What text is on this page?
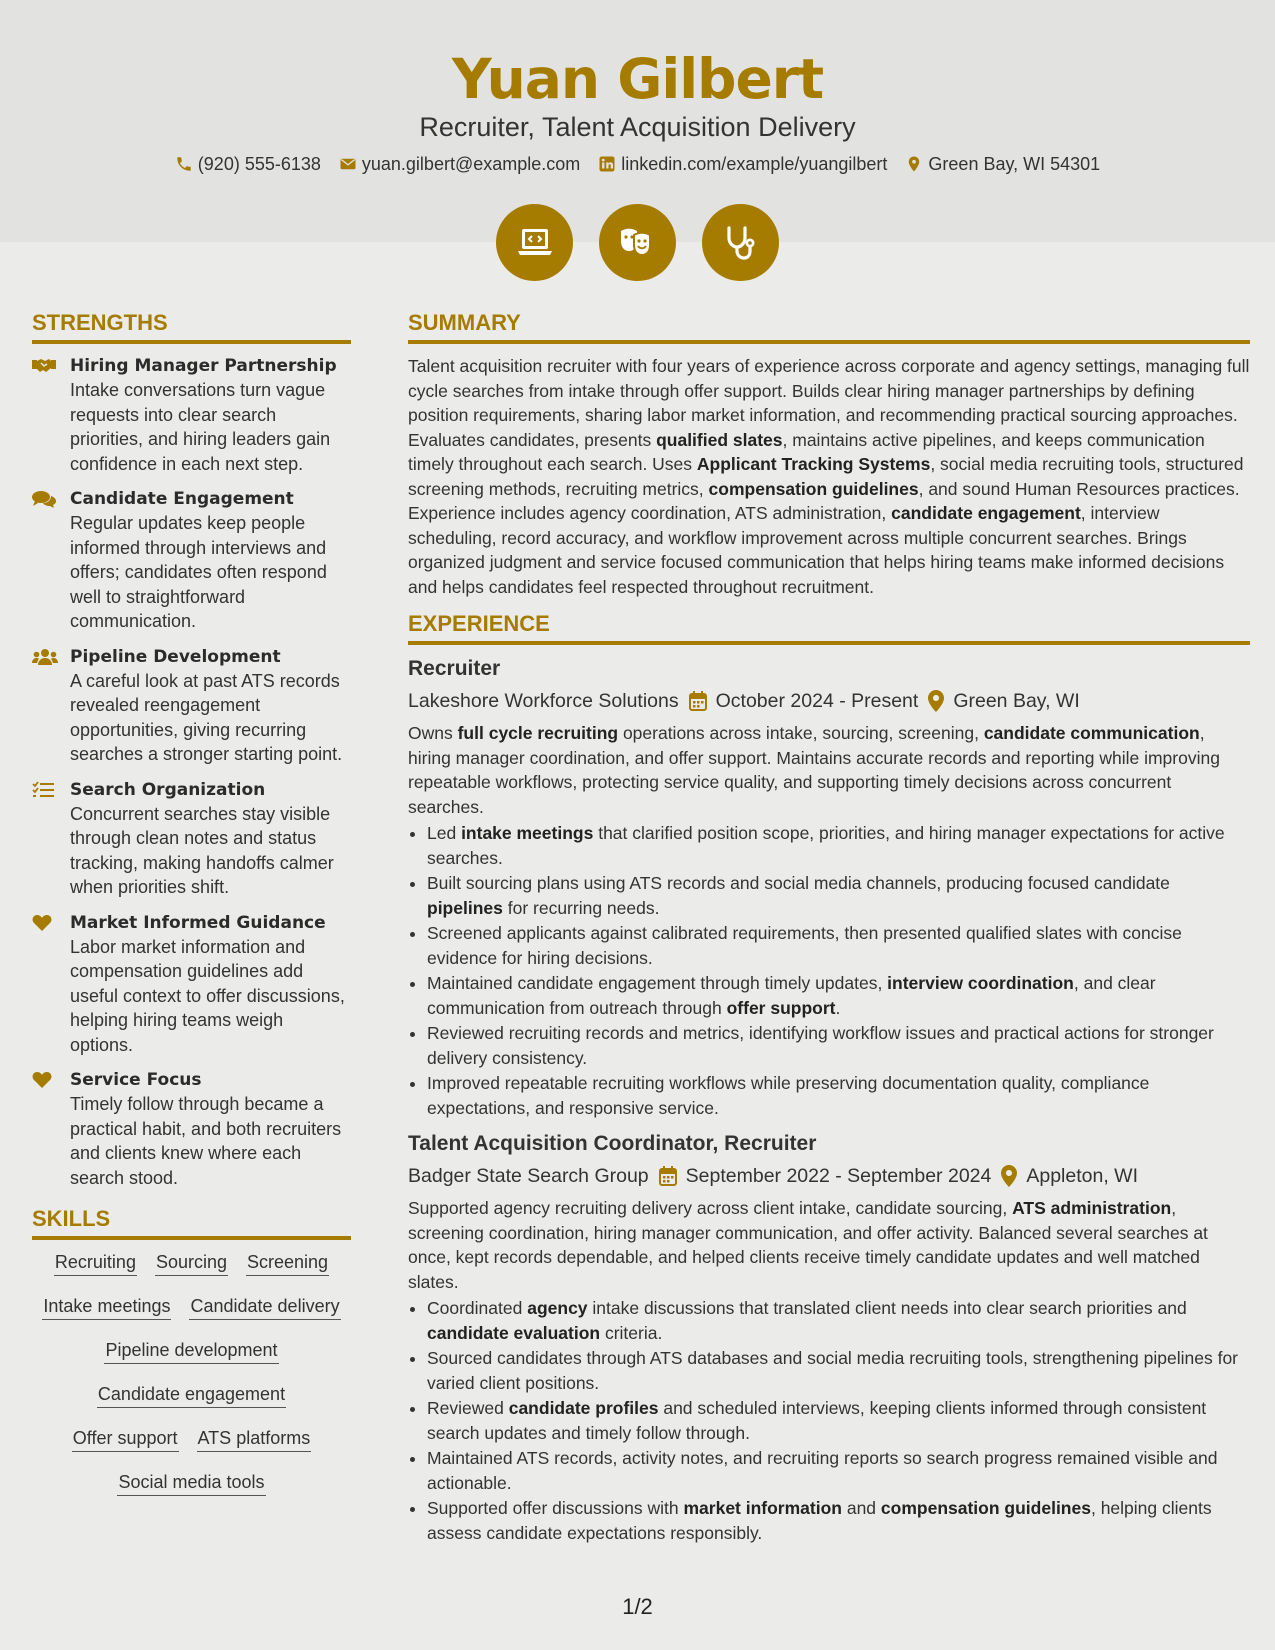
Yuan Gilbert
Recruiter, Talent Acquisition Delivery
(920) 555-6138 yuan.gilbert@example.com linkedin.com/example/yuangilbert Green Bay, WI 54301
STRENGTHS
Hiring Manager Partnership
Intake conversations turn vague requests into clear search priorities, and hiring leaders gain confidence in each next step.
Candidate Engagement
Regular updates keep people informed through interviews and offers; candidates often respond well to straightforward communication.
Pipeline Development
A careful look at past ATS records revealed reengagement opportunities, giving recurring searches a stronger starting point.
Search Organization
Concurrent searches stay visible through clean notes and status tracking, making handoffs calmer when priorities shift.
Market Informed Guidance
Labor market information and compensation guidelines add useful context to offer discussions, helping hiring teams weigh options.
Service Focus
Timely follow through became a practical habit, and both recruiters and clients knew where each search stood.
SKILLS
Recruiting Sourcing Screening
Intake meetings Candidate delivery
Pipeline development
Candidate engagement
Offer support ATS platforms
Social media tools
SUMMARY

Talent acquisition recruiter with four years of experience across corporate and agency settings, managing full cycle searches from intake through offer support. Builds clear hiring manager partnerships by defining position requirements, sharing labor market information, and recommending practical sourcing approaches. Evaluates candidates, presents qualified slates, maintains active pipelines, and keeps communication timely throughout each search. Uses Applicant Tracking Systems, social media recruiting tools, structured screening methods, recruiting metrics, compensation guidelines, and sound Human Resources practices. Experience includes agency coordination, ATS administration, candidate engagement, interview scheduling, record accuracy, and workflow improvement across multiple concurrent searches. Brings organized judgment and service focused communication that helps hiring teams make informed decisions and helps candidates feel respected throughout recruitment.

EXPERIENCE
Recruiter
Lakeshore Workforce Solutions October 2024 - Present Green Bay, WI

Owns full cycle recruiting operations across intake, sourcing, screening, candidate communication, hiring manager coordination, and offer support. Maintains accurate records and reporting while improving repeatable workflows, protecting service quality, and supporting timely decisions across concurrent searches.

• Led intake meetings that clarified position scope, priorities, and hiring manager expectations for active searches.
• Built sourcing plans using ATS records and social media channels, producing focused candidate pipelines for recurring needs.
• Screened applicants against calibrated requirements, then presented qualified slates with concise evidence for hiring decisions.
• Maintained candidate engagement through timely updates, interview coordination, and clear communication from outreach through offer support.
• Reviewed recruiting records and metrics, identifying workflow issues and practical actions for stronger delivery consistency.
• Improved repeatable recruiting workflows while preserving documentation quality, compliance expectations, and responsive service.
Talent Acquisition Coordinator, Recruiter
Badger State Search Group September 2022 - September 2024 Appleton, WI

Supported agency recruiting delivery across client intake, candidate sourcing, ATS administration, screening coordination, hiring manager communication, and offer activity. Balanced several searches at once, kept records dependable, and helped clients receive timely candidate updates and well matched slates.

• Coordinated agency intake discussions that translated client needs into clear search priorities and candidate evaluation criteria.
• Sourced candidates through ATS databases and social media recruiting tools, strengthening pipelines for varied client positions.
• Reviewed candidate profiles and scheduled interviews, keeping clients informed through consistent search updates and timely follow through.
• Maintained ATS records, activity notes, and recruiting reports so search progress remained visible and actionable.
• Supported offer discussions with market information and compensation guidelines, helping clients assess candidate expectations responsibly.
1/2
